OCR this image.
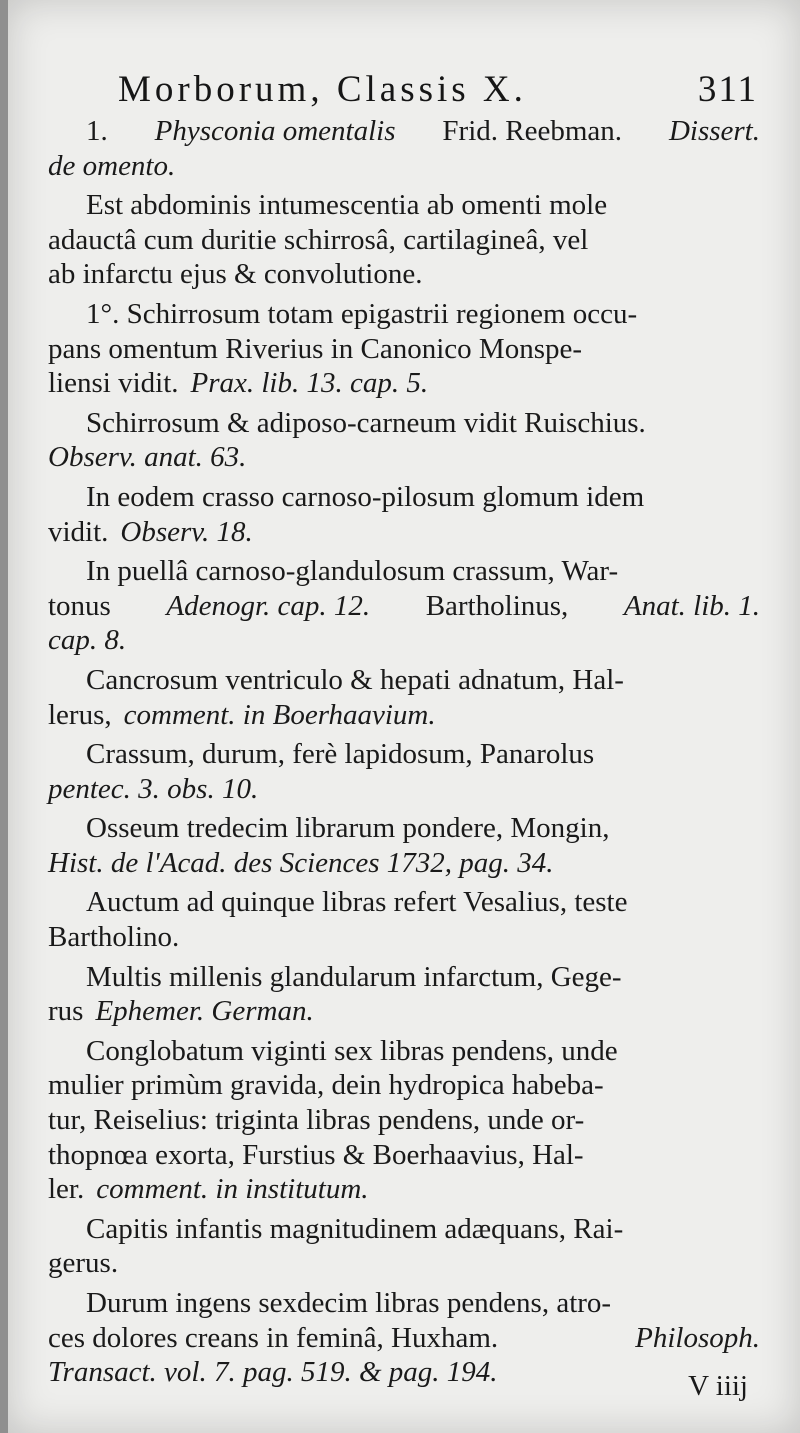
Morborum, Classis X.	311
1. Physconia omentalis Frid. Reebman. Dissert.
de omento.
Est abdominis intumescentia ab omenti mole
adauctâ cum duritie schirrosâ, cartilagineâ, vel
ab infarctu ejus & convolutione.
1°. Schirrosum totam epigastrii regionem occu-
pans omentum Riverius in Canonico Monspe-
liensi vidit. Prax. lib. 13. cap. 5.
Schirrosum & adiposo-carneum vidit Ruischius.
Observ. anat. 63.
In eodem crasso carnoso-pilosum glomum idem
vidit. Observ. 18.
In puellâ carnoso-glandulosum crassum, War-
tonus Adenogr. cap. 12. Bartholinus, Anat. lib. 1.
cap. 8.
Cancrosum ventriculo & hepati adnatum, Hal-
lerus, comment. in Boerhaavium.
Crassum, durum, ferè lapidosum, Panarolus
pentec. 3. obs. 10.
Osseum tredecim librarum pondere, Mongin,
Hist. de l'Acad. des Sciences 1732, pag. 34.
Auctum ad quinque libras refert Vesalius, teste
Bartholino.
Multis millenis glandularum infarctum, Gege-
rus Ephemer. German.
Conglobatum viginti sex libras pendens, unde
mulier primùm gravida, dein hydropica habeba-
tur, Reiselius: triginta libras pendens, unde or-
thopnœa exorta, Furstius & Boerhaavius, Hal-
ler. comment. in institutum.
Capitis infantis magnitudinem adæquans, Rai-
gerus.
Durum ingens sexdecim libras pendens, atro-
ces dolores creans in feminâ, Huxham.	Philosoph.
Transact. vol. 7. pag. 519. & pag. 194.	V iiij
